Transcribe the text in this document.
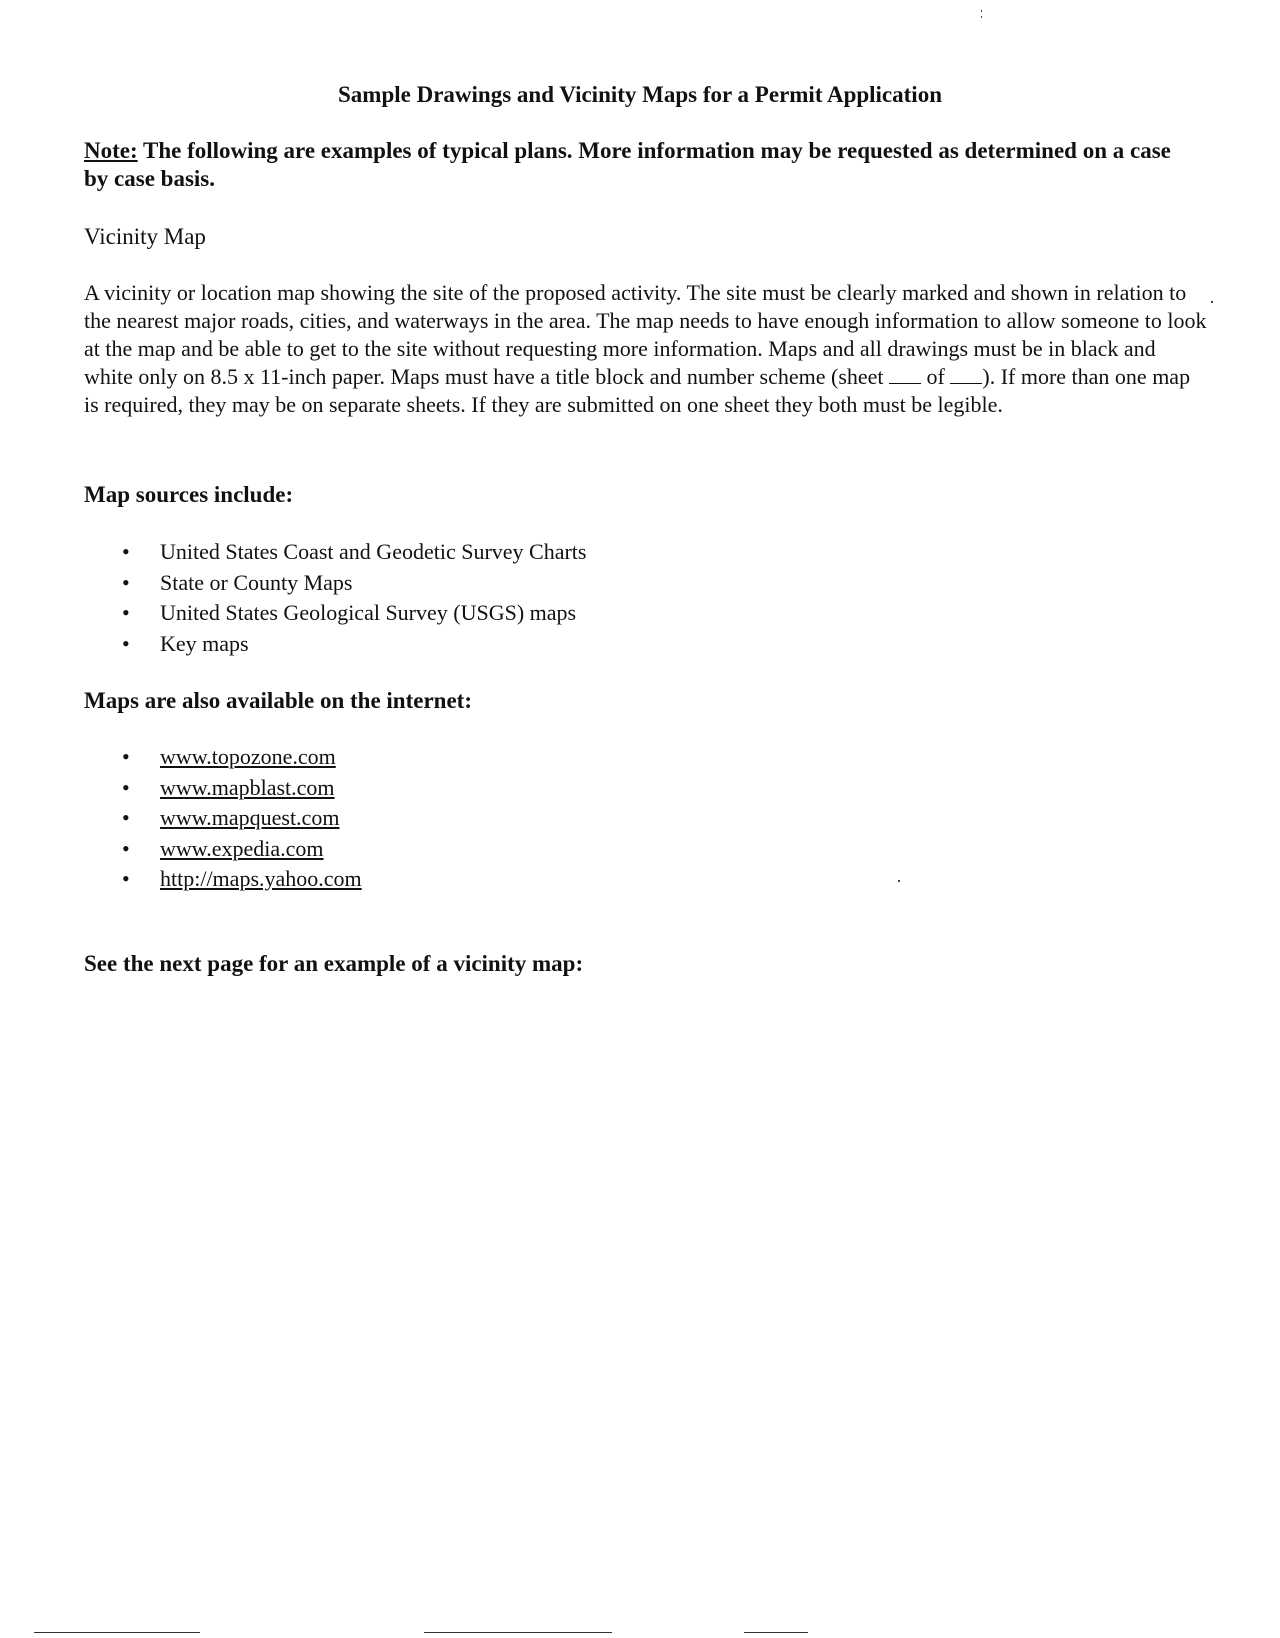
Sample Drawings and Vicinity Maps for a Permit Application
Note: The following are examples of typical plans. More information may be requested as determined on a case by case basis.
Vicinity Map

A vicinity or location map showing the site of the proposed activity. The site must be clearly marked and shown in relation to the nearest major roads, cities, and waterways in the area. The map needs to have enough information to allow someone to look at the map and be able to get to the site without requesting more information. Maps and all drawings must be in black and white only on 8.5 x 11-inch paper. Maps must have a title block and number scheme (sheet  of ). If more than one map is required, they may be on separate sheets. If they are submitted on one sheet they both must be legible.

Map sources include:
• United States Coast and Geodetic Survey Charts
• State or County Maps
• United States Geological Survey (USGS) maps
• Key maps
Maps are also available on the internet:
• www.topozone.com
• www.mapblast.com
• www.mapquest.com
• www.expedia.com
• http://maps.yahoo.com
See the next page for an example of a vicinity map:
